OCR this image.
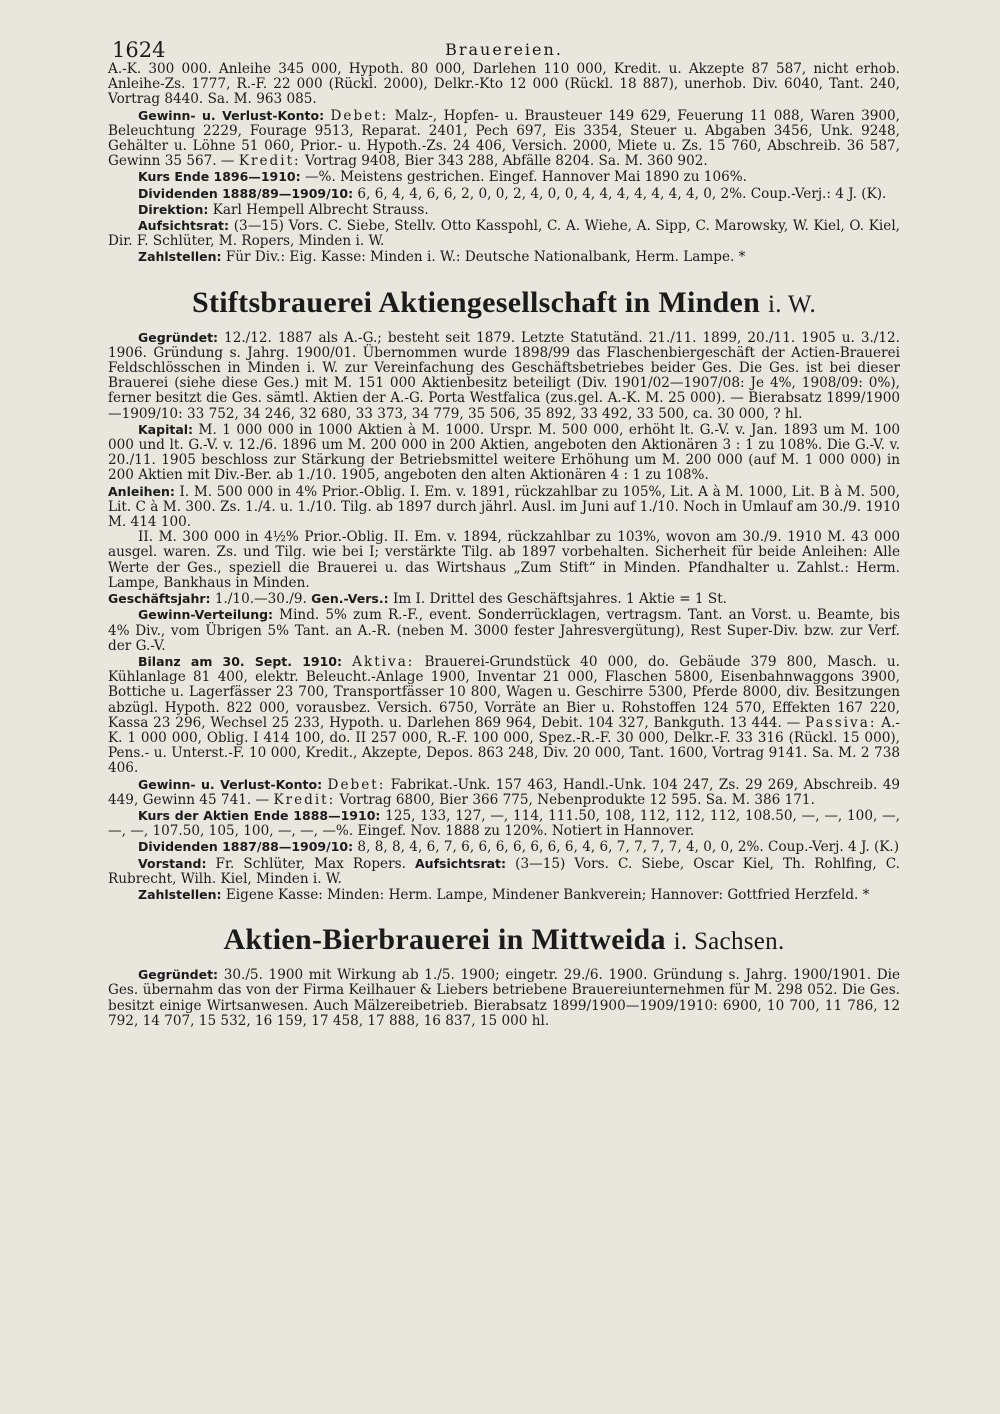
1624	Brauereien.

A.-K. 300 000. Anleihe 345 000, Hypoth. 80 000, Darlehen 110 000, Kredit. u. Akzepte 87 587, nicht erhob. Anleihe-Zs. 1777, R.-F. 22 000 (Rückl. 2000), Delkr.-Kto 12 000 (Rückl. 18 887), unerhob. Div. 6040, Tant. 240, Vortrag 8440. Sa. M. 963 085.

Gewinn- u. Verlust-Konto: Debet: Malz-, Hopfen- u. Brausteuer 149 629, Feuerung 11 088, Waren 3900, Beleuchtung 2229, Fourage 9513, Reparat. 2401, Pech 697, Eis 3354, Steuer u. Abgaben 3456, Unk. 9248, Gehälter u. Löhne 51 060, Prior.- u. Hypoth.-Zs. 24 406, Versich. 2000, Miete u. Zs. 15 760, Abschreib. 36 587, Gewinn 35 567. — Kredit: Vortrag 9408, Bier 343 288, Abfälle 8204. Sa. M. 360 902.

Kurs Ende 1896—1910: —%. Meistens gestrichen. Eingef. Hannover Mai 1890 zu 106%.

Dividenden 1888/89—1909/10: 6, 6, 4, 4, 6, 6, 2, 0, 0, 2, 4, 0, 0, 4, 4, 4, 4, 4, 4, 4, 0, 2%. Coup.-Verj.: 4 J. (K).

Direktion: Karl Hempell Albrecht Strauss.

Aufsichtsrat: (3—15) Vors. C. Siebe, Stellv. Otto Kasspohl, C. A. Wiehe, A. Sipp, C. Marowsky, W. Kiel, O. Kiel, Dir. F. Schlüter, M. Ropers, Minden i. W.

Zahlstellen: Für Div.: Eig. Kasse: Minden i. W.: Deutsche Nationalbank, Herm. Lampe. *

Stiftsbrauerei Aktiengesellschaft in Minden i. W.

Gegründet: 12./12. 1887 als A.-G.; besteht seit 1879. Letzte Statutänd. 21./11. 1899, 20./11. 1905 u. 3./12. 1906. Gründung s. Jahrg. 1900/01. Übernommen wurde 1898/99 das Flaschenbiergeschäft der Actien-Brauerei Feldschlösschen in Minden i. W. zur Vereinfachung des Geschäftsbetriebes beider Ges. Die Ges. ist bei dieser Brauerei (siehe diese Ges.) mit M. 151 000 Aktienbesitz beteiligt (Div. 1901/02—1907/08: Je 4%, 1908/09: 0%), ferner besitzt die Ges. sämtl. Aktien der A.-G. Porta Westfalica (zus.gel. A.-K. M. 25 000). — Bierabsatz 1899/1900—1909/10: 33 752, 34 246, 32 680, 33 373, 34 779, 35 506, 35 892, 33 492, 33 500, ca. 30 000, ? hl.

Kapital: M. 1 000 000 in 1000 Aktien à M. 1000. Urspr. M. 500 000, erhöht lt. G.-V. v. Jan. 1893 um M. 100 000 und lt. G.-V. v. 12./6. 1896 um M. 200 000 in 200 Aktien, angeboten den Aktionären 3 : 1 zu 108%. Die G.-V. v. 20./11. 1905 beschloss zur Stärkung der Betriebsmittel weitere Erhöhung um M. 200 000 (auf M. 1 000 000) in 200 Aktien mit Div.-Ber. ab 1./10. 1905, angeboten den alten Aktionären 4 : 1 zu 108%.

Anleihen: I. M. 500 000 in 4% Prior.-Oblig. I. Em. v. 1891, rückzahlbar zu 105%, Lit. A à M. 1000, Lit. B à M. 500, Lit. C à M. 300. Zs. 1./4. u. 1./10. Tilg. ab 1897 durch jährl. Ausl. im Juni auf 1./10. Noch in Umlauf am 30./9. 1910 M. 414 100.

II. M. 300 000 in 4½% Prior.-Oblig. II. Em. v. 1894, rückzahlbar zu 103%, wovon am 30./9. 1910 M. 43 000 ausgel. waren. Zs. und Tilg. wie bei I; verstärkte Tilg. ab 1897 vorbehalten. Sicherheit für beide Anleihen: Alle Werte der Ges., speziell die Brauerei u. das Wirtshaus „Zum Stift“ in Minden. Pfandhalter u. Zahlst.: Herm. Lampe, Bankhaus in Minden.

Geschäftsjahr: 1./10.—30./9. Gen.-Vers.: Im I. Drittel des Geschäftsjahres. 1 Aktie = 1 St.

Gewinn-Verteilung: Mind. 5% zum R.-F., event. Sonderrücklagen, vertragsm. Tant. an Vorst. u. Beamte, bis 4% Div., vom Übrigen 5% Tant. an A.-R. (neben M. 3000 fester Jahresvergütung), Rest Super-Div. bzw. zur Verf. der G.-V.

Bilanz am 30. Sept. 1910: Aktiva: Brauerei-Grundstück 40 000, do. Gebäude 379 800, Masch. u. Kühlanlage 81 400, elektr. Beleucht.-Anlage 1900, Inventar 21 000, Flaschen 5800, Eisenbahnwaggons 3900, Bottiche u. Lagerfässer 23 700, Transportfässer 10 800, Wagen u. Geschirre 5300, Pferde 8000, div. Besitzungen abzügl. Hypoth. 822 000, vorausbez. Versich. 6750, Vorräte an Bier u. Rohstoffen 124 570, Effekten 167 220, Kassa 23 296, Wechsel 25 233, Hypoth. u. Darlehen 869 964, Debit. 104 327, Bankguth. 13 444. — Passiva: A.-K. 1 000 000, Oblig. I 414 100, do. II 257 000, R.-F. 100 000, Spez.-R.-F. 30 000, Delkr.-F. 33 316 (Rückl. 15 000), Pens.- u. Unterst.-F. 10 000, Kredit., Akzepte, Depos. 863 248, Div. 20 000, Tant. 1600, Vortrag 9141. Sa. M. 2 738 406.

Gewinn- u. Verlust-Konto: Debet: Fabrikat.-Unk. 157 463, Handl.-Unk. 104 247, Zs. 29 269, Abschreib. 49 449, Gewinn 45 741. — Kredit: Vortrag 6800, Bier 366 775, Nebenprodukte 12 595. Sa. M. 386 171.

Kurs der Aktien Ende 1888—1910: 125, 133, 127, —, 114, 111.50, 108, 112, 112, 112, 108.50, —, —, 100, —, —, —, 107.50, 105, 100, —, —, —%. Eingef. Nov. 1888 zu 120%. Notiert in Hannover.

Dividenden 1887/88—1909/10: 8, 8, 8, 4, 6, 7, 6, 6, 6, 6, 6, 6, 6, 4, 6, 7, 7, 7, 7, 4, 0, 0, 2%. Coup.-Verj. 4 J. (K.)

Vorstand: Fr. Schlüter, Max Ropers. Aufsichtsrat: (3—15) Vors. C. Siebe, Oscar Kiel, Th. Rohlfing, C. Rubrecht, Wilh. Kiel, Minden i. W.

Zahlstellen: Eigene Kasse: Minden: Herm. Lampe, Mindener Bankverein; Hannover: Gottfried Herzfeld. *

Aktien-Bierbrauerei in Mittweida i. Sachsen.

Gegründet: 30./5. 1900 mit Wirkung ab 1./5. 1900; eingetr. 29./6. 1900. Gründung s. Jahrg. 1900/1901. Die Ges. übernahm das von der Firma Keilhauer & Liebers betriebene Brauereiunternehmen für M. 298 052. Die Ges. besitzt einige Wirtsanwesen. Auch Mälzereibetrieb. Bierabsatz 1899/1900—1909/1910: 6900, 10 700, 11 786, 12 792, 14 707, 15 532, 16 159, 17 458, 17 888, 16 837, 15 000 hl.
